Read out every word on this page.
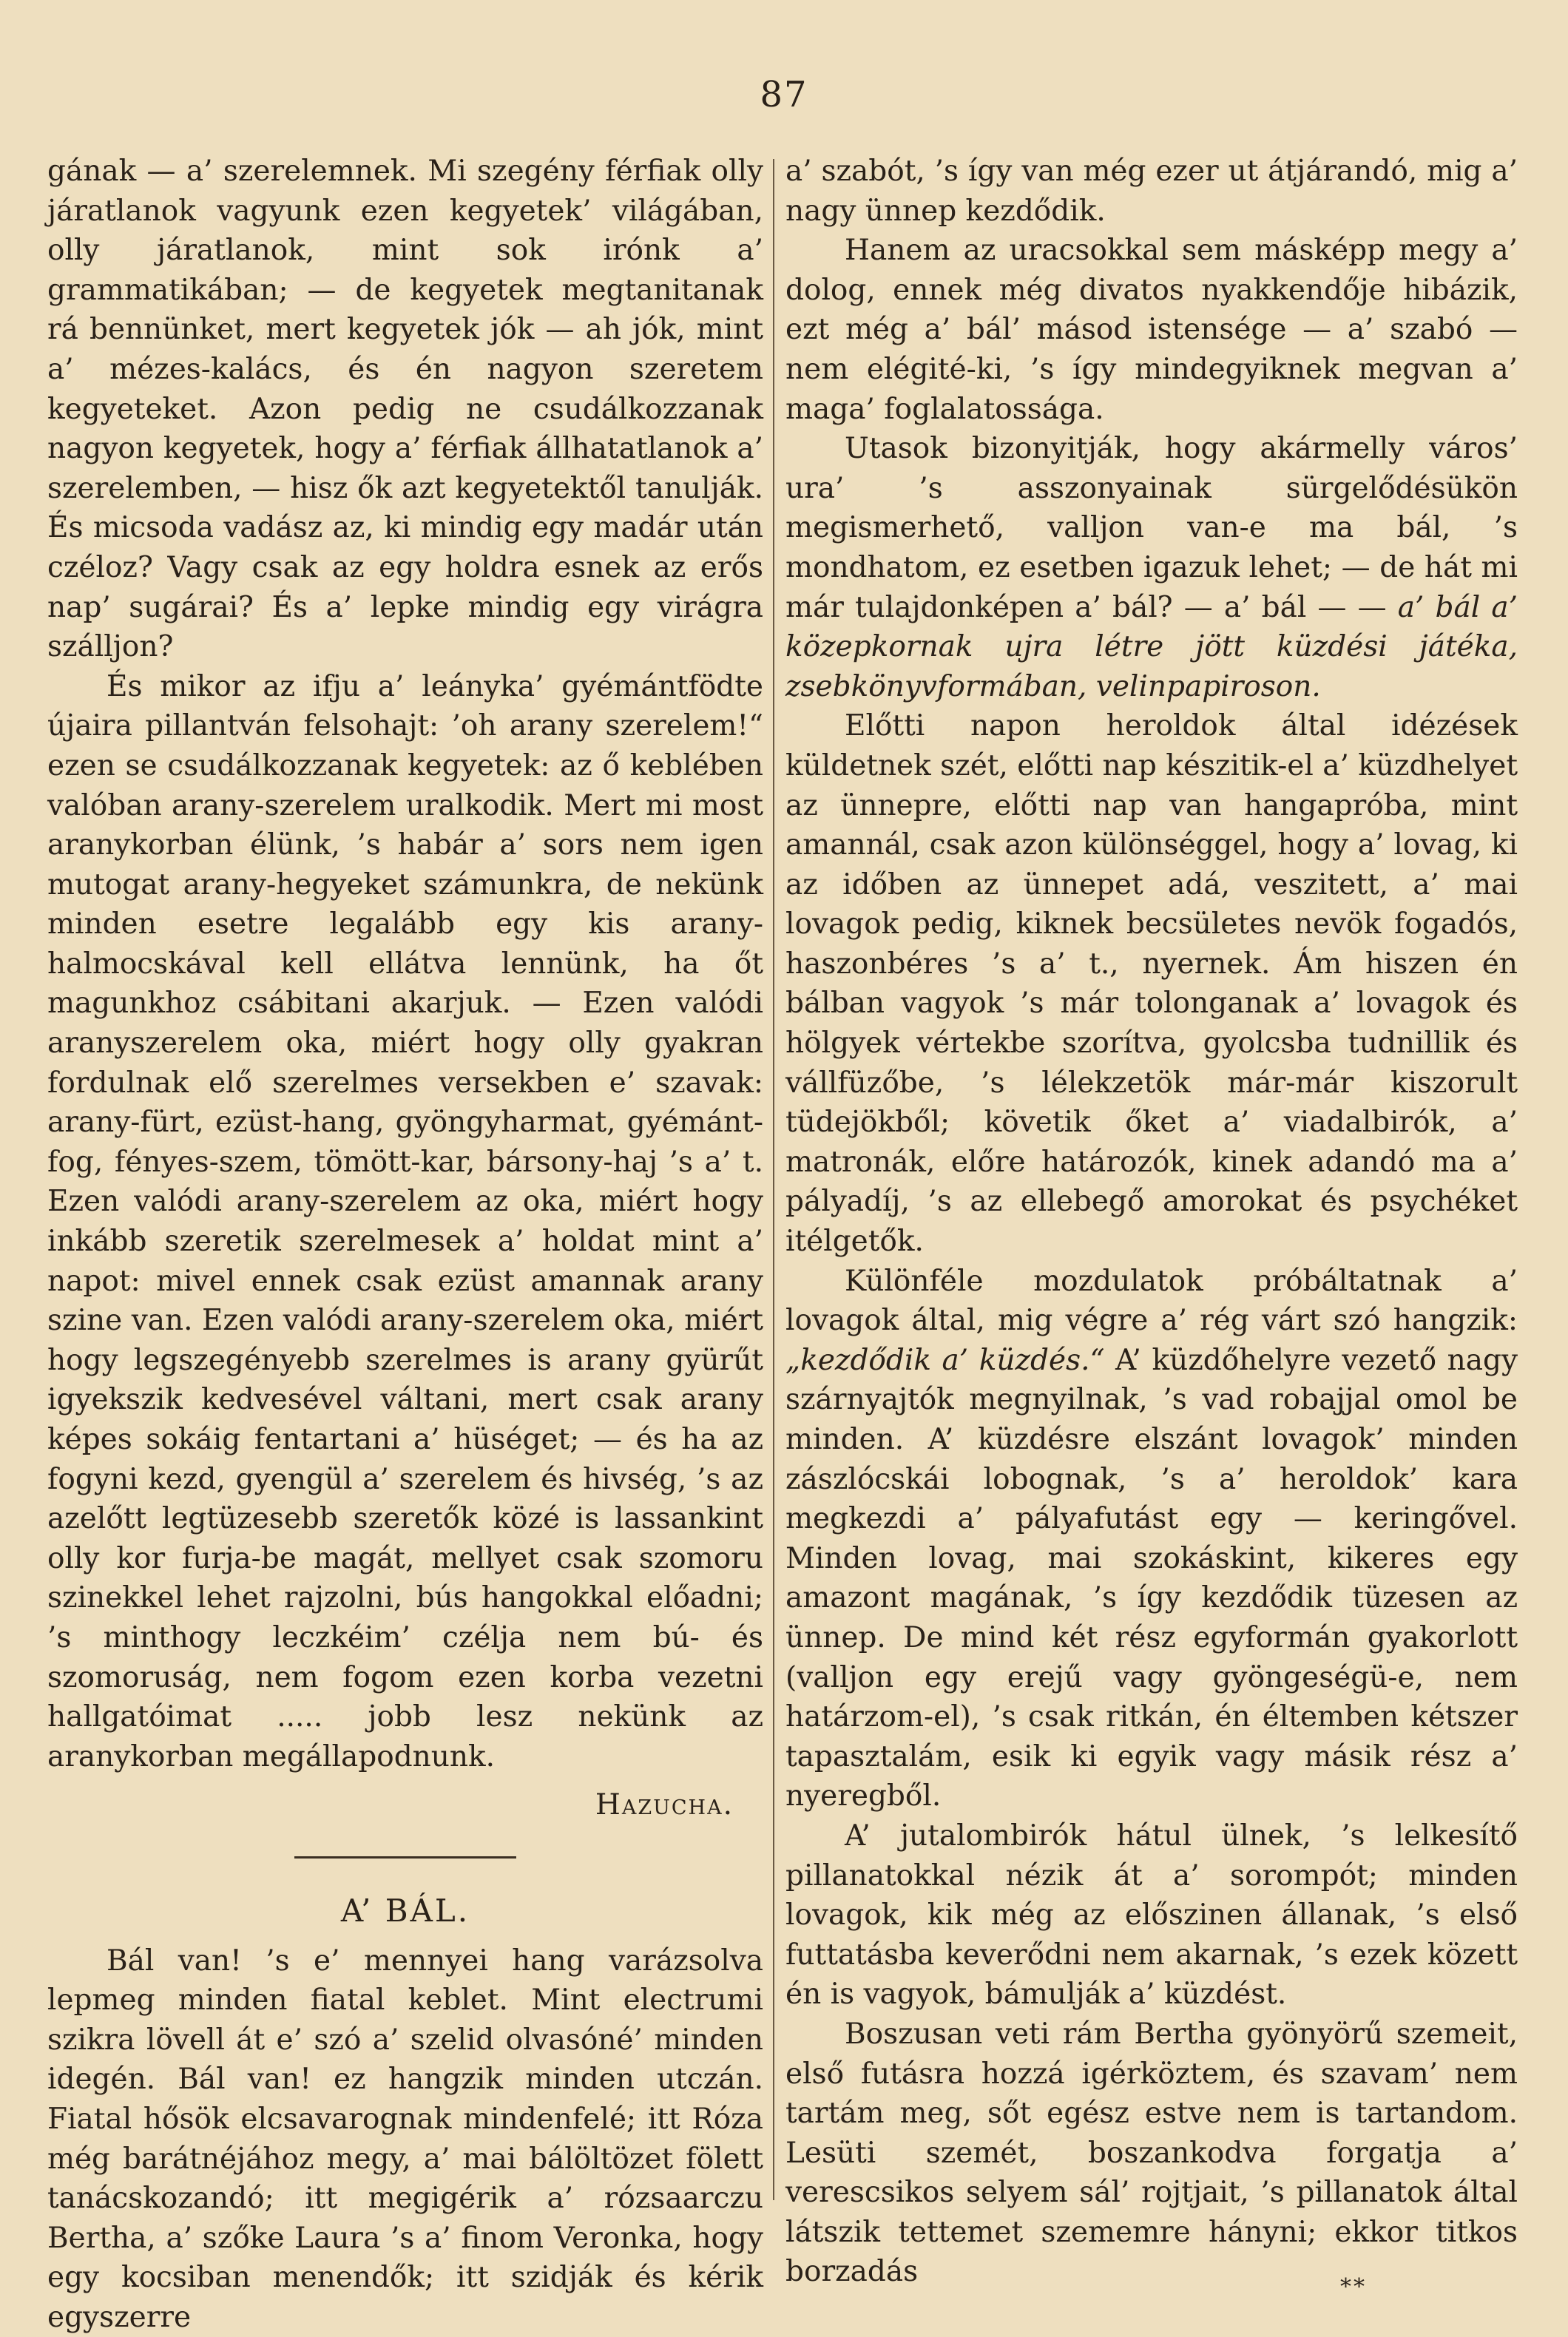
87

gának — a’ szerelemnek. Mi szegény férfiak olly járatlanok vagyunk ezen kegyetek’ világában, olly járatlanok, mint sok irónk a’ grammatikában; — de kegyetek megtanitanak rá bennünket, mert kegyetek jók — ah jók, mint a’ mézes-kalács, és én nagyon szeretem kegyeteket. Azon pedig ne csudálkozzanak nagyon kegyetek, hogy a’ férfiak állhatatlanok a’ szerelemben, — hisz ők azt kegyetektől tanulják. És micsoda vadász az, ki mindig egy madár után czéloz? Vagy csak az egy holdra esnek az erős nap’ sugárai? És a’ lepke mindig egy virágra szálljon?

És mikor az ifju a’ leányka’ gyémántfödte újaira pillantván felsohajt: ’oh arany szerelem!“ ezen se csudálkozzanak kegyetek: az ő keblében valóban arany-szerelem uralkodik. Mert mi most aranykorban élünk, ’s habár a’ sors nem igen mutogat arany-hegyeket számunkra, de nekünk minden esetre legalább egy kis arany-halmocskával kell ellátva lennünk, ha őt magunkhoz csábitani akarjuk. — Ezen valódi aranyszerelem oka, miért hogy olly gyakran fordulnak elő szerelmes versekben e’ szavak: arany-fürt, ezüst-hang, gyöngyharmat, gyémánt-fog, fényes-szem, tömött-kar, bársony-haj ’s a’ t. Ezen valódi arany-szerelem az oka, miért hogy inkább szeretik szerelmesek a’ holdat mint a’ napot: mivel ennek csak ezüst amannak arany szine van. Ezen valódi arany-szerelem oka, miért hogy legszegényebb szerelmes is arany gyürűt igyekszik kedvesével váltani, mert csak arany képes sokáig fentartani a’ hüséget; — és ha az fogyni kezd, gyengül a’ szerelem és hivség, ’s az azelőtt legtüzesebb szeretők közé is lassankint olly kor furja-be magát, mellyet csak szomoru szinekkel lehet rajzolni, bús hangokkal előadni; ’s minthogy leczkéim’ czélja nem bú- és szomoruság, nem fogom ezen korba vezetni hallgatóimat ..... jobb lesz nekünk az aranykorban megállapodnunk.

Hazucha.

A’ BÁL.

Bál van! ’s e’ mennyei hang varázsolva lepmeg minden fiatal keblet. Mint electrumi szikra lövell át e’ szó a’ szelid olvasóné’ minden idegén. Bál van! ez hangzik minden utczán. Fiatal hősök elcsavarognak mindenfelé; itt Róza még barátnéjához megy, a’ mai bálöltözet fölett tanácskozandó; itt megigérik a’ rózsaarczu Bertha, a’ szőke Laura ’s a’ finom Veronka, hogy egy kocsiban menendők; itt szidják és kérik egyszerre

a’ szabót, ’s így van még ezer ut átjárandó, mig a’ nagy ünnep kezdődik.

Hanem az uracsokkal sem másképp megy a’ dolog, ennek még divatos nyakkendője hibázik, ezt még a’ bál’ másod istensége — a’ szabó — nem elégité-ki, ’s így mindegyiknek megvan a’ maga’ foglalatossága.

Utasok bizonyitják, hogy akármelly város’ ura’ ’s asszonyainak sürgelődésükön megismerhető, valljon van-e ma bál, ’s mondhatom, ez esetben igazuk lehet; — de hát mi már tulajdonképen a’ bál? — a’ bál — — a’ bál a’ közepkornak ujra létre jött küzdési játéka, zsebkönyvformában, velinpapiroson.

Előtti napon heroldok által idézések küldetnek szét, előtti nap készitik-el a’ küzdhelyet az ünnepre, előtti nap van hangapróba, mint amannál, csak azon különséggel, hogy a’ lovag, ki az időben az ünnepet adá, veszitett, a’ mai lovagok pedig, kiknek becsületes nevök fogadós, haszonbéres ’s a’ t., nyernek. Ám hiszen én bálban vagyok ’s már tolonganak a’ lovagok és hölgyek vértekbe szorítva, gyolcsba tudnillik és vállfüzőbe, ’s lélekzetök már-már kiszorult tüdejökből; követik őket a’ viadalbirók, a’ matronák, előre határozók, kinek adandó ma a’ pályadíj, ’s az ellebegő amorokat és psychéket itélgetők.

Különféle mozdulatok próbáltatnak a’ lovagok által, mig végre a’ rég várt szó hangzik: „kezdődik a’ küzdés.“ A’ küzdőhelyre vezető nagy szárnyajtók megnyilnak, ’s vad robajjal omol be minden. A’ küzdésre elszánt lovagok’ minden zászlócskái lobognak, ’s a’ heroldok’ kara megkezdi a’ pályafutást egy — keringővel. Minden lovag, mai szokáskint, kikeres egy amazont magának, ’s így kezdődik tüzesen az ünnep. De mind két rész egyformán gyakorlott (valljon egy erejű vagy gyöngeségü-e, nem határzom-el), ’s csak ritkán, én éltemben kétszer tapasztalám, esik ki egyik vagy másik rész a’ nyeregből.

A’ jutalombirók hátul ülnek, ’s lelkesítő pillanatokkal nézik át a’ sorompót; minden lovagok, kik még az előszinen állanak, ’s első futtatásba keverődni nem akarnak, ’s ezek közett én is vagyok, bámulják a’ küzdést.

Boszusan veti rám Bertha gyönyörű szemeit, első futásra hozzá igérköztem, és szavam’ nem tartám meg, sőt egész estve nem is tartandom. Lesüti szemét, boszankodva forgatja a’ verescsikos selyem sál’ rojtjait, ’s pillanatok által látszik tettemet szememre hányni; ekkor titkos borzadás	**
